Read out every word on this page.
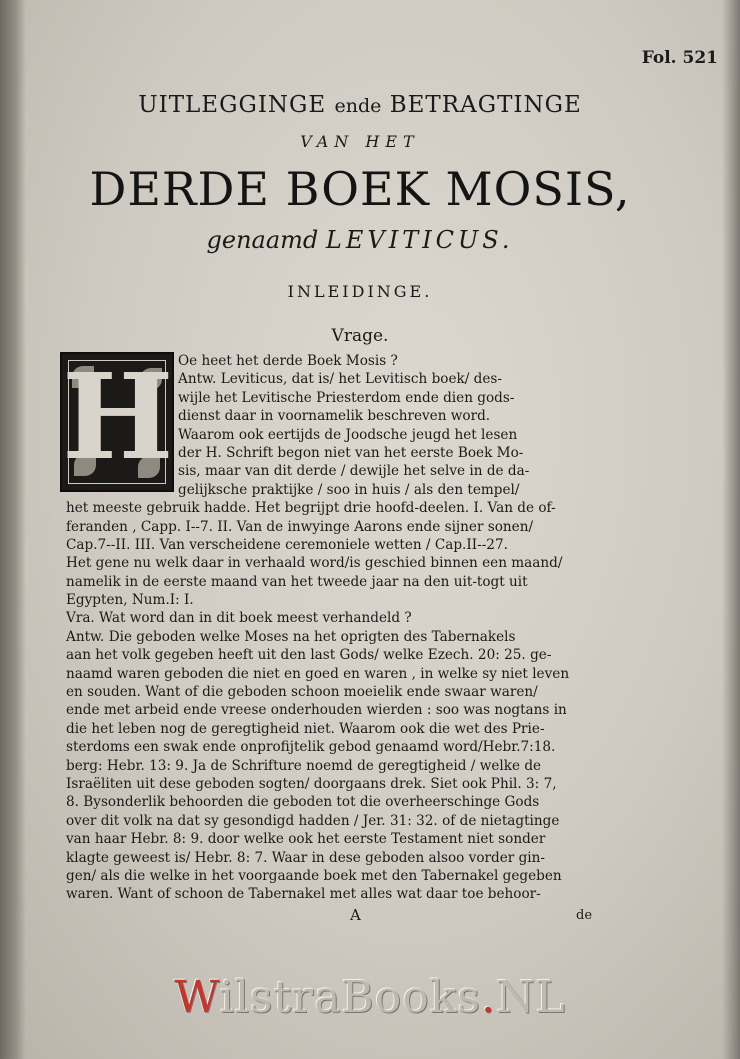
Fol. 521
UITLEGGINGE ende BETRAGTINGE
VAN HET
DERDE BOEK MOSIS,
genaamd LEVITICUS.
INLEIDINGE.
Vrage.
H Oe heet het derde Boek Mosis ?
Antw. Leviticus, dat is/ het Levitisch boek/ des-
wijle het Levitische Priesterdom ende dien gods-
dienst daar in voornamelik beschreven word.
Waarom ook eertijds de Joodsche jeugd het lesen
der H. Schrift begon niet van het eerste Boek Mo-
sis, maar van dit derde / dewijle het selve in de da-
gelijksche praktijke / soo in huis / als den tempel/
het meeste gebruik hadde. Het begrijpt drie hoofd-deelen. I. Van de of-
feranden , Capp. I--7. II. Van de inwyinge Aarons ende sijner sonen/
Cap.7--II. III. Van verscheidene ceremoniele wetten / Cap.II--27.
Het gene nu welk daar in verhaald word/is geschied binnen een maand/
namelik in de eerste maand van het tweede jaar na den uit-togt uit
Egypten, Num.I: I.
Vra. Wat word dan in dit boek meest verhandeld ?
Antw. Die geboden welke Moses na het oprigten des Tabernakels
aan het volk gegeben heeft uit den last Gods/ welke Ezech. 20: 25. ge-
naamd waren geboden die niet en goed en waren , in welke sy niet leven
en souden. Want of die geboden schoon moeielik ende swaar waren/
ende met arbeid ende vreese onderhouden wierden : soo was nogtans in
die het leben nog de geregtigheid niet. Waarom ook die wet des Prie-
sterdoms een swak ende onprofijtelik gebod genaamd word/Hebr.7:18.
berg: Hebr. 13: 9. Ja de Schrifture noemd de geregtigheid / welke de
Israëliten uit dese geboden sogten/ doorgaans drek. Siet ook Phil. 3: 7,
8. Bysonderlik behoorden die geboden tot die overheerschinge Gods
over dit volk na dat sy gesondigd hadden / Jer. 31: 32. of de nietagtinge
van haar Hebr. 8: 9. door welke ook het eerste Testament niet sonder
klagte geweest is/ Hebr. 8: 7. Waar in dese geboden alsoo vorder gin-
gen/ als die welke in het voorgaande boek met den Tabernakel gegeben
waren. Want of schoon de Tabernakel met alles wat daar toe behoor-
A	de
WilstraBooks.NL
